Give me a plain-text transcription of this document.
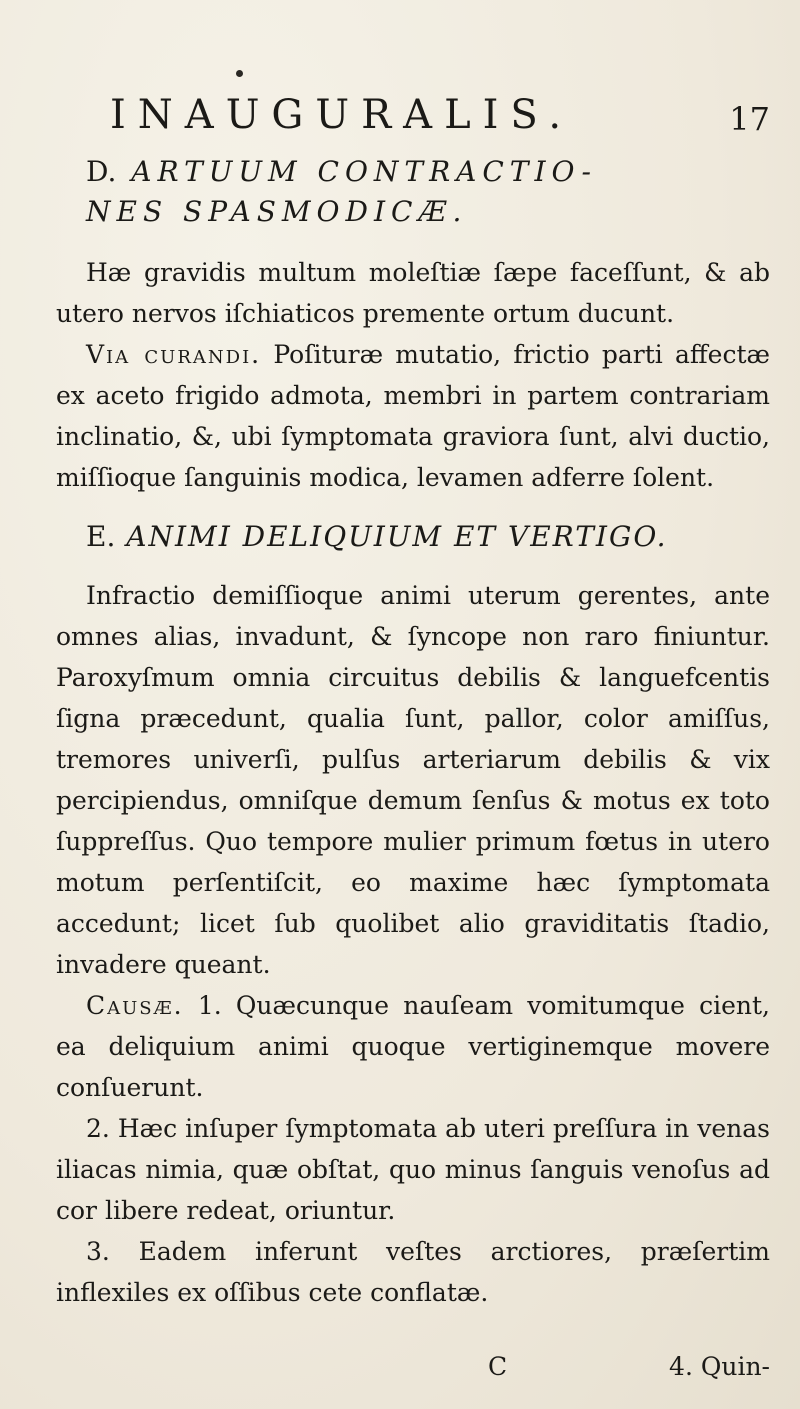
INAUGURALIS.	17
D. ARTUUM CONTRACTIO-
NES SPASMODICÆ.

Hæ gravidis multum moleſtiæ ſæpe faceſſunt, & ab utero nervos iſchiaticos premente ortum ducunt.

Via curandi. Poſituræ mutatio, frictio parti affectæ ex aceto frigido admota, membri in partem contrariam inclinatio, &, ubi ſymptomata graviora ſunt, alvi ductio, miſſioque ſanguinis modica, levamen adferre ſolent.

E. ANIMI DELIQUIUM ET VERTIGO.

Infractio demiſſioque animi uterum gerentes, ante omnes alias, invadunt, & ſyncope non raro finiuntur. Paroxyſmum omnia circuitus debilis & languefcentis ſigna præcedunt, qualia ſunt, pallor, color amiſſus, tremores univerſi, pulſus arteriarum debilis & vix percipiendus, omniſque demum ſenſus & motus ex toto ſuppreſſus. Quo tempore mulier primum fœtus in utero motum perſentiſcit, eo maxime hæc ſymptomata accedunt; licet ſub quolibet alio graviditatis ſtadio, invadere queant.

Causæ. 1. Quæcunque nauſeam vomitumque cient, ea deliquium animi quoque vertiginemque movere conſuerunt.

2. Hæc inſuper ſymptomata ab uteri preſſura in venas iliacas nimia, quæ obſtat, quo minus ſanguis venoſus ad cor libere redeat, oriuntur.

3. Eadem inferunt veſtes arctiores, præſertim inflexiles ex oſſibus cete conflatæ.

C	4. Quin-
